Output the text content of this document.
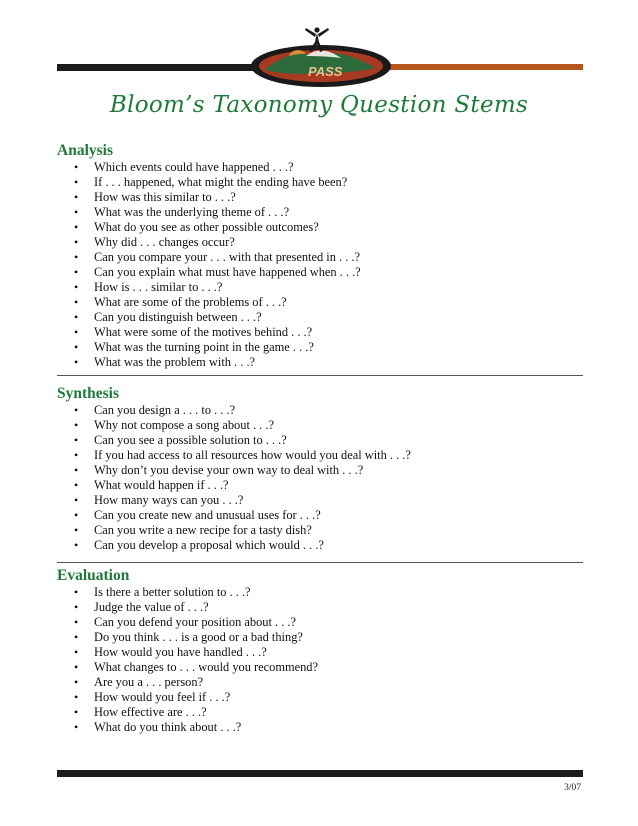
PASS
Bloom’s Taxonomy Question Stems
Analysis
• Which events could have happened . . .?
• If . . . happened, what might the ending have been?
• How was this similar to . . .?
• What was the underlying theme of . . .?
• What do you see as other possible outcomes?
• Why did . . . changes occur?
• Can you compare your . . . with that presented in . . .?
• Can you explain what must have happened when . . .?
• How is . . . similar to . . .?
• What are some of the problems of . . .?
• Can you distinguish between . . .?
• What were some of the motives behind . . .?
• What was the turning point in the game . . .?
• What was the problem with . . .?
Synthesis
• Can you design a . . . to . . .?
• Why not compose a song about . . .?
• Can you see a possible solution to . . .?
• If you had access to all resources how would you deal with . . .?
• Why don’t you devise your own way to deal with . . .?
• What would happen if . . .?
• How many ways can you . . .?
• Can you create new and unusual uses for . . .?
• Can you write a new recipe for a tasty dish?
• Can you develop a proposal which would . . .?
Evaluation
• Is there a better solution to . . .?
• Judge the value of . . .?
• Can you defend your position about . . .?
• Do you think . . . is a good or a bad thing?
• How would you have handled . . .?
• What changes to . . . would you recommend?
• Are you a . . . person?
• How would you feel if . . .?
• How effective are . . .?
• What do you think about . . .?
3/07
